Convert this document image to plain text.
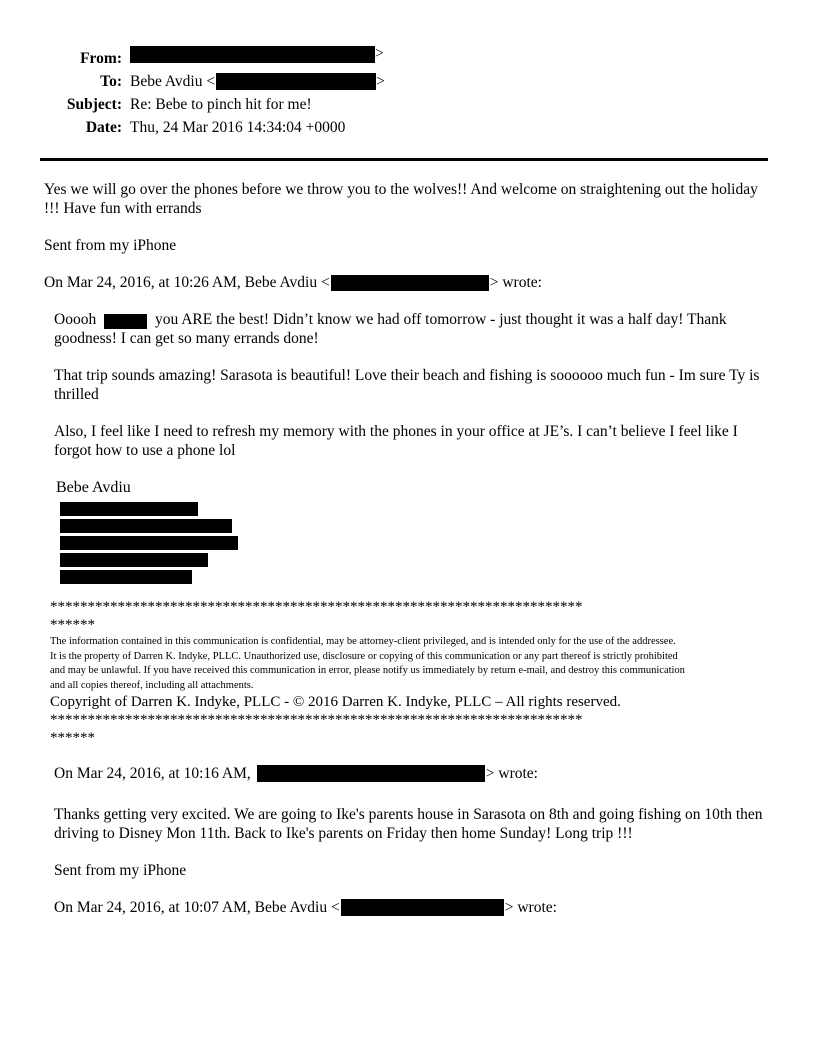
From:	>
To: Bebe Avdiu <	>
Subject: Re: Bebe to pinch hit for me!
Date: Thu, 24 Mar 2016 14:34:04 +0000

Yes we will go over the phones before we throw you to the wolves!! And welcome on straightening out the holiday !!! Have fun with errands

Sent from my iPhone

On Mar 24, 2016, at 10:26 AM, Bebe Avdiu <	> wrote:

Ooooh	you ARE the best! Didn’t know we had off tomorrow - just thought it was a half day! Thank goodness! I can get so many errands done!

That trip sounds amazing! Sarasota is beautiful! Love their beach and fishing is soooooo much fun - Im sure Ty is thrilled

Also, I feel like I need to refresh my memory with the phones in your office at JE’s. I can’t believe I feel like I forgot how to use a phone lol

Bebe Avdiu
***********************************************************************
******
The information contained in this communication is confidential, may be attorney-client privileged, and is intended only for the use of the addressee.
It is the property of Darren K. Indyke, PLLC. Unauthorized use, disclosure or copying of this communication or any part thereof is strictly prohibited
and may be unlawful. If you have received this communication in error, please notify us immediately by return e-mail, and destroy this communication
and all copies thereof, including all attachments.
Copyright of Darren K. Indyke, PLLC - © 2016 Darren K. Indyke, PLLC – All rights reserved.
***********************************************************************
******
On Mar 24, 2016, at 10:16 AM,	> wrote:

Thanks getting very excited. We are going to Ike's parents house in Sarasota on 8th and going fishing on 10th then driving to Disney Mon 11th. Back to Ike's parents on Friday then home Sunday! Long trip !!!

Sent from my iPhone

On Mar 24, 2016, at 10:07 AM, Bebe Avdiu <	> wrote:
